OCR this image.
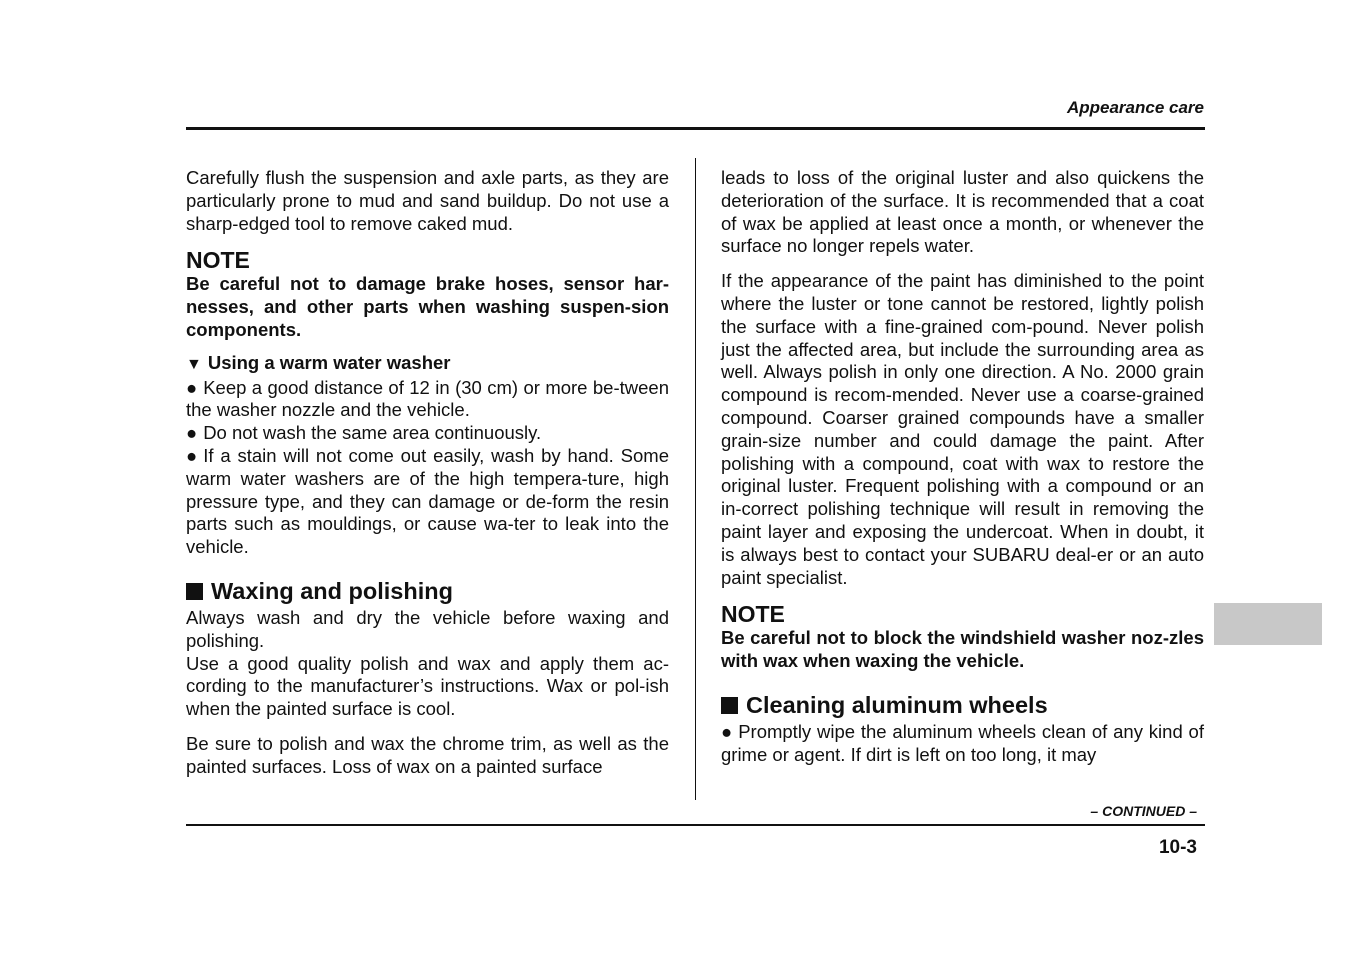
Appearance care

Carefully flush the suspension and axle parts, as they are particularly prone to mud and sand buildup. Do not use a sharp-edged tool to remove caked mud.

NOTE

Be careful not to damage brake hoses, sensor har-nesses, and other parts when washing suspen-sion components.

▼ Using a warm water washer

● Keep a good distance of 12 in (30 cm) or more be-tween the washer nozzle and the vehicle.

● Do not wash the same area continuously.

● If a stain will not come out easily, wash by hand. Some warm water washers are of the high tempera-ture, high pressure type, and they can damage or de-form the resin parts such as mouldings, or cause wa-ter to leak into the vehicle.

Waxing and polishing

Always wash and dry the vehicle before waxing and polishing.

Use a good quality polish and wax and apply them ac-cording to the manufacturer’s instructions. Wax or pol-ish when the painted surface is cool.

Be sure to polish and wax the chrome trim, as well as the painted surfaces. Loss of wax on a painted surface

leads to loss of the original luster and also quickens the deterioration of the surface. It is recommended that a coat of wax be applied at least once a month, or whenever the surface no longer repels water.

If the appearance of the paint has diminished to the point where the luster or tone cannot be restored, lightly polish the surface with a fine-grained com-pound. Never polish just the affected area, but include the surrounding area as well. Always polish in only one direction. A No. 2000 grain compound is recom-mended. Never use a coarse-grained compound. Coarser grained compounds have a smaller grain-size number and could damage the paint. After polishing with a compound, coat with wax to restore the original luster. Frequent polishing with a compound or an in-correct polishing technique will result in removing the paint layer and exposing the undercoat. When in doubt, it is always best to contact your SUBARU deal-er or an auto paint specialist.

NOTE

Be careful not to block the windshield washer noz-zles with wax when waxing the vehicle.

Cleaning aluminum wheels

● Promptly wipe the aluminum wheels clean of any kind of grime or agent. If dirt is left on too long, it may

– CONTINUED –
10-3
